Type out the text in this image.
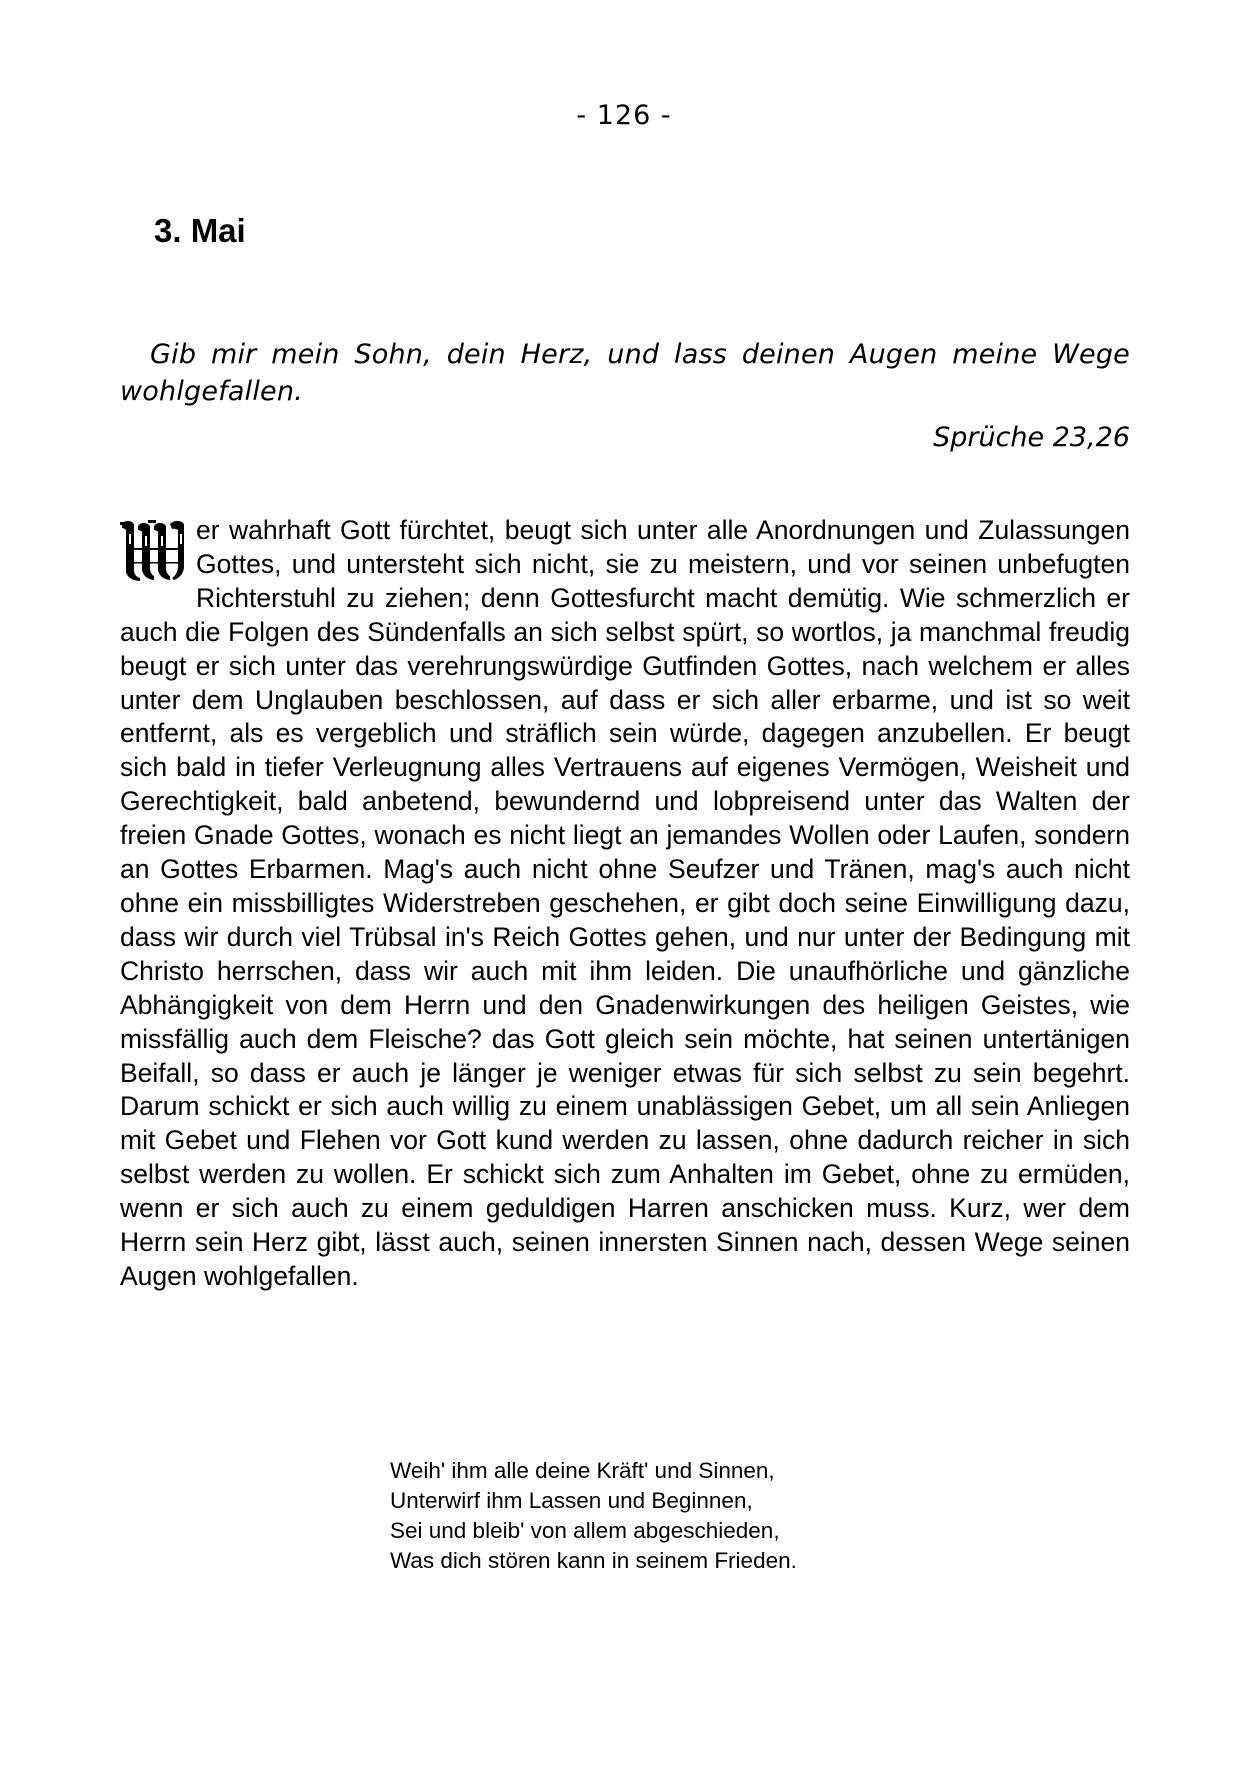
- 126 -
3. Mai

Gib mir mein Sohn, dein Herz, und lass deinen Augen meine Wege
wohlgefallen.

Sprüche 23,26

er wahrhaft Gott fürchtet, beugt sich unter alle Anordnungen und Zulassungen Gottes, und untersteht sich nicht, sie zu meistern, und vor seinen unbefugten Richterstuhl zu ziehen; denn Gottesfurcht macht demütig. Wie schmerzlich er auch die Folgen des Sündenfalls an sich selbst spürt, so wortlos, ja manchmal freudig beugt er sich unter das verehrungswürdige Gutfinden Gottes, nach welchem er alles unter dem Unglauben beschlossen, auf dass er sich aller erbarme, und ist so weit entfernt, als es vergeblich und sträflich sein würde, dagegen anzubellen. Er beugt sich bald in tiefer Verleugnung alles Vertrauens auf eigenes Vermögen, Weisheit und Gerechtigkeit, bald anbetend, bewundernd und lobpreisend unter das Walten der freien Gnade Gottes, wonach es nicht liegt an jemandes Wollen oder Laufen, sondern an Gottes Erbarmen. Mag's auch nicht ohne Seufzer und Tränen, mag's auch nicht ohne ein missbilligtes Widerstreben geschehen, er gibt doch seine Einwilligung dazu, dass wir durch viel Trübsal in's Reich Gottes gehen, und nur unter der Bedingung mit Christo herrschen, dass wir auch mit ihm leiden. Die unaufhörliche und gänzliche Abhängigkeit von dem Herrn und den Gnadenwirkungen des heiligen Geistes, wie missfällig auch dem Fleische? das Gott gleich sein möchte, hat seinen untertänigen Beifall, so dass er auch je länger je weniger etwas für sich selbst zu sein begehrt. Darum schickt er sich auch willig zu einem unablässigen Gebet, um all sein Anliegen mit Gebet und Flehen vor Gott kund werden zu lassen, ohne dadurch reicher in sich selbst werden zu wollen. Er schickt sich zum Anhalten im Gebet, ohne zu ermüden, wenn er sich auch zu einem geduldigen Harren anschicken muss. Kurz, wer dem Herrn sein Herz gibt, lässt auch, seinen innersten Sinnen nach, dessen Wege seinen Augen wohlgefallen.

Weih' ihm alle deine Kräft' und Sinnen,
Unterwirf ihm Lassen und Beginnen,
Sei und bleib' von allem abgeschieden,
Was dich stören kann in seinem Frieden.
